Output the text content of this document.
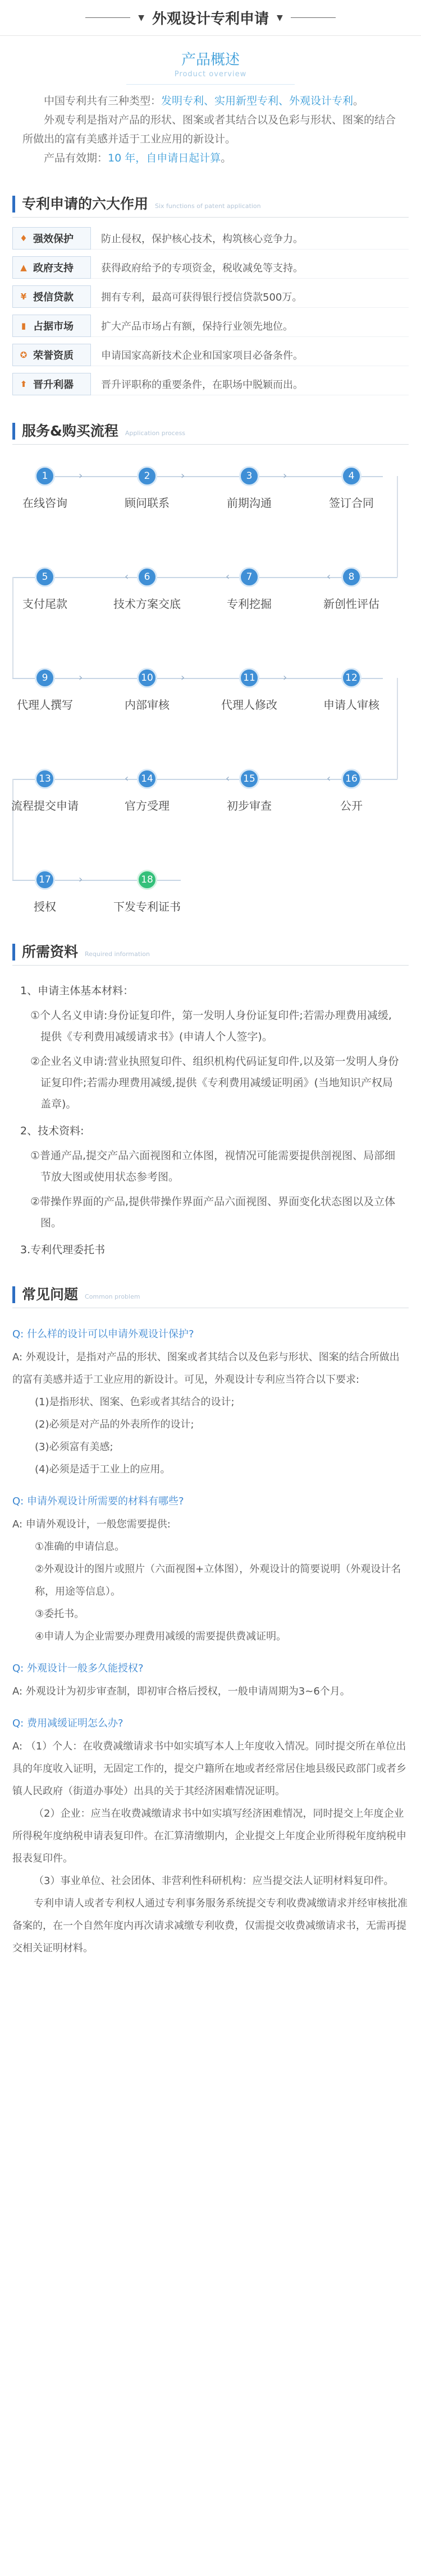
▼ 外观设计专利申请 ▼
产品概述
Product overview

中国专利共有三种类型：发明专利、实用新型专利、外观设计专利。

外观专利是指对产品的形状、图案或者其结合以及色彩与形状、图案的结合所做出的富有美感并适于工业应用的新设计。

产品有效期：10 年，自申请日起计算。

专利申请的六大作用 Six functions of patent application
♦ 强效保护	防止侵权，保护核心技术，构筑核心竞争力。
▲ 政府支持	获得政府给予的专项资金，税收减免等支持。
¥ 授信贷款	拥有专利，最高可获得银行授信贷款500万。
▮ 占据市场	扩大产品市场占有额，保持行业领先地位。
✪ 荣誉资质	申请国家高新技术企业和国家项目必备条件。
⬆ 晋升利器	晋升评职称的重要条件，在职场中脱颖而出。
服务&购买流程 Application process
›	›	›
‹
‹
‹
›	›	›
‹
‹
‹
›
1
在线咨询
2
顾问联系
3
前期沟通
4
签订合同
5
支付尾款
6
技术方案交底
7
专利挖掘
8
新创性评估
9
代理人撰写
10
内部审核
11
代理人修改
12
申请人审核
13
流程提交申请
14
官方受理
15
初步审查
16
公开
17
授权
18
下发专利证书
所需资料 Required information
1、申请主体基本材料：
①个人名义申请:身份证复印件，第一发明人身份证复印件;若需办理费用减缓,提供《专利费用减缓请求书》(申请人个人签字)。
②企业名义申请:营业执照复印件、组织机构代码证复印件,以及第一发明人身份证复印件;若需办理费用减缓,提供《专利费用减缓证明函》(当地知识产权局盖章)。
2、技术资料:
①普通产品,提交产品六面视图和立体图，视情况可能需要提供剖视图、局部细节放大图或使用状态参考图。
②带操作界面的产品,提供带操作界面产品六面视图、界面变化状态图以及立体图。
3.专利代理委托书
常见问题 Common problem
Q: 什么样的设计可以申请外观设计保护?
A: 外观设计，是指对产品的形状、图案或者其结合以及色彩与形状、图案的结合所做出的富有美感并适于工业应用的新设计。可见，外观设计专利应当符合以下要求:
(1)是指形状、图案、色彩或者其结合的设计;
(2)必须是对产品的外表所作的设计;
(3)必须富有美感;
(4)必须是适于工业上的应用。
Q: 申请外观设计所需要的材料有哪些?
A: 申请外观设计，一般您需要提供:
①准确的申请信息。
②外观设计的图片或照片（六面视图+立体图），外观设计的简要说明（外观设计名称，用途等信息）。
③委托书。
④申请人为企业需要办理费用减缓的需要提供费减证明。
Q: 外观设计一般多久能授权?
A: 外观设计为初步审查制，即初审合格后授权，一般申请周期为3~6个月。
Q: 费用减缓证明怎么办?
A: （1）个人：在收费减缴请求书中如实填写本人上年度收入情况。同时提交所在单位出具的年度收入证明，无固定工作的，提交户籍所在地或者经常居住地县级民政部门或者乡镇人民政府（街道办事处）出具的关于其经济困难情况证明。
（2）企业：应当在收费减缴请求书中如实填写经济困难情况，同时提交上年度企业所得税年度纳税申请表复印件。在汇算清缴期内，企业提交上年度企业所得税年度纳税申报表复印件。
（3）事业单位、社会团体、非营利性科研机构：应当提交法人证明材料复印件。
专利申请人或者专利权人通过专利事务服务系统提交专利收费减缴请求并经审核批准备案的，在一个自然年度内再次请求减缴专利收费，仅需提交收费减缴请求书，无需再提交相关证明材料。
